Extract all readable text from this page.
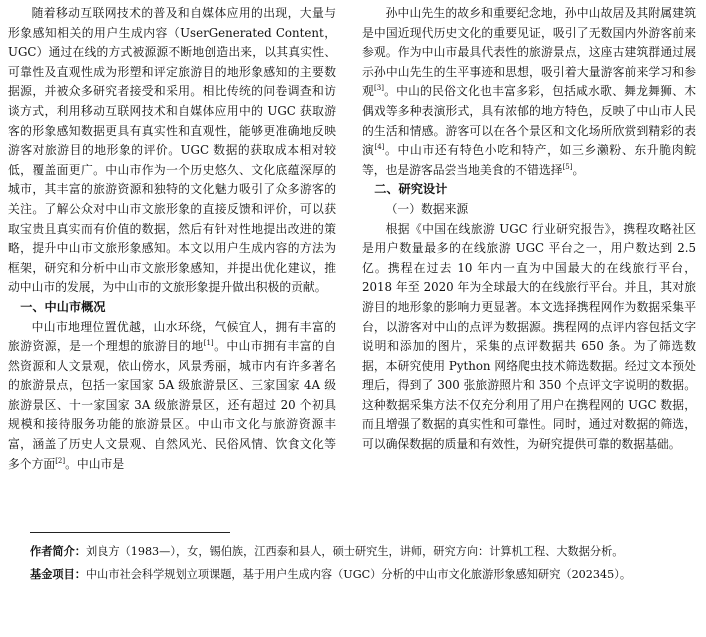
随着移动互联网技术的普及和自媒体应用的出现，大量与形象感知相关的用户生成内容（UserGenerated Content，UGC）通过在线的方式被源源不断地创造出来，以其真实性、可靠性及直观性成为形塑和评定旅游目的地形象感知的主要数据源，并被众多研究者接受和采用。相比传统的问卷调查和访谈方式，利用移动互联网技术和自媒体应用中的 UGC 获取游客的形象感知数据更具有真实性和直观性，能够更准确地反映游客对旅游目的地形象的评价。UGC 数据的获取成本相对较低，覆盖面更广。中山市作为一个历史悠久、文化底蕴深厚的城市，其丰富的旅游资源和独特的文化魅力吸引了众多游客的关注。了解公众对中山市文旅形象的直接反馈和评价，可以获取宝贵且真实而有价值的数据，然后有针对性地提出改进的策略，提升中山市文旅形象感知。本文以用户生成内容的方法为框架，研究和分析中山市文旅形象感知，并提出优化建议，推动中山市的发展，为中山市的文旅形象提升做出积极的贡献。

一、中山市概况

中山市地理位置优越，山水环绕，气候宜人，拥有丰富的旅游资源，是一个理想的旅游目的地[1]。中山市拥有丰富的自然资源和人文景观，依山傍水，风景秀丽，城市内有许多著名的旅游景点，包括一家国家 5A 级旅游景区、三家国家 4A 级旅游景区、十一家国家 3A 级旅游景区，还有超过 20 个初具规模和接待服务功能的旅游景区。中山市文化与旅游资源丰富，涵盖了历史人文景观、自然风光、民俗风情、饮食文化等多个方面[2]。中山市是

孙中山先生的故乡和重要纪念地，孙中山故居及其附属建筑是中国近现代历史文化的重要见证，吸引了无数国内外游客前来参观。作为中山市最具代表性的旅游景点，这座古建筑群通过展示孙中山先生的生平事迹和思想，吸引着大量游客前来学习和参观[3]。中山的民俗文化也丰富多彩，包括咸水歌、舞龙舞狮、木偶戏等多种表演形式，具有浓郁的地方特色，反映了中山市人民的生活和情感。游客可以在各个景区和文化场所欣赏到精彩的表演[4]。中山市还有特色小吃和特产，如三乡濑粉、东升脆肉鲩等，也是游客品尝当地美食的不错选择[5]。

二、研究设计
（一）数据来源

根据《中国在线旅游 UGC 行业研究报告》，携程攻略社区是用户数量最多的在线旅游 UGC 平台之一，用户数达到 2.5 亿。携程在过去 10 年内一直为中国最大的在线旅行平台，2018 年至 2020 年为全球最大的在线旅行平台。并且，其对旅游目的地形象的影响力更显著。本文选择携程网作为数据采集平台，以游客对中山的点评为数据源。携程网的点评内容包括文字说明和添加的图片，采集的点评数据共 650 条。为了筛选数据，本研究使用 Python 网络爬虫技术筛选数据。经过文本预处理后，得到了 300 张旅游照片和 350 个点评文字说明的数据。这种数据采集方法不仅充分利用了用户在携程网的 UGC 数据，而且增强了数据的真实性和可靠性。同时，通过对数据的筛选，可以确保数据的质量和有效性，为研究提供可靠的数据基础。

作者简介：刘良方（1983—），女，锡伯族，江西泰和县人，硕士研究生，讲师，研究方向：计算机工程、大数据分析。

基金项目：中山市社会科学规划立项课题，基于用户生成内容（UGC）分析的中山市文化旅游形象感知研究（202345）。
